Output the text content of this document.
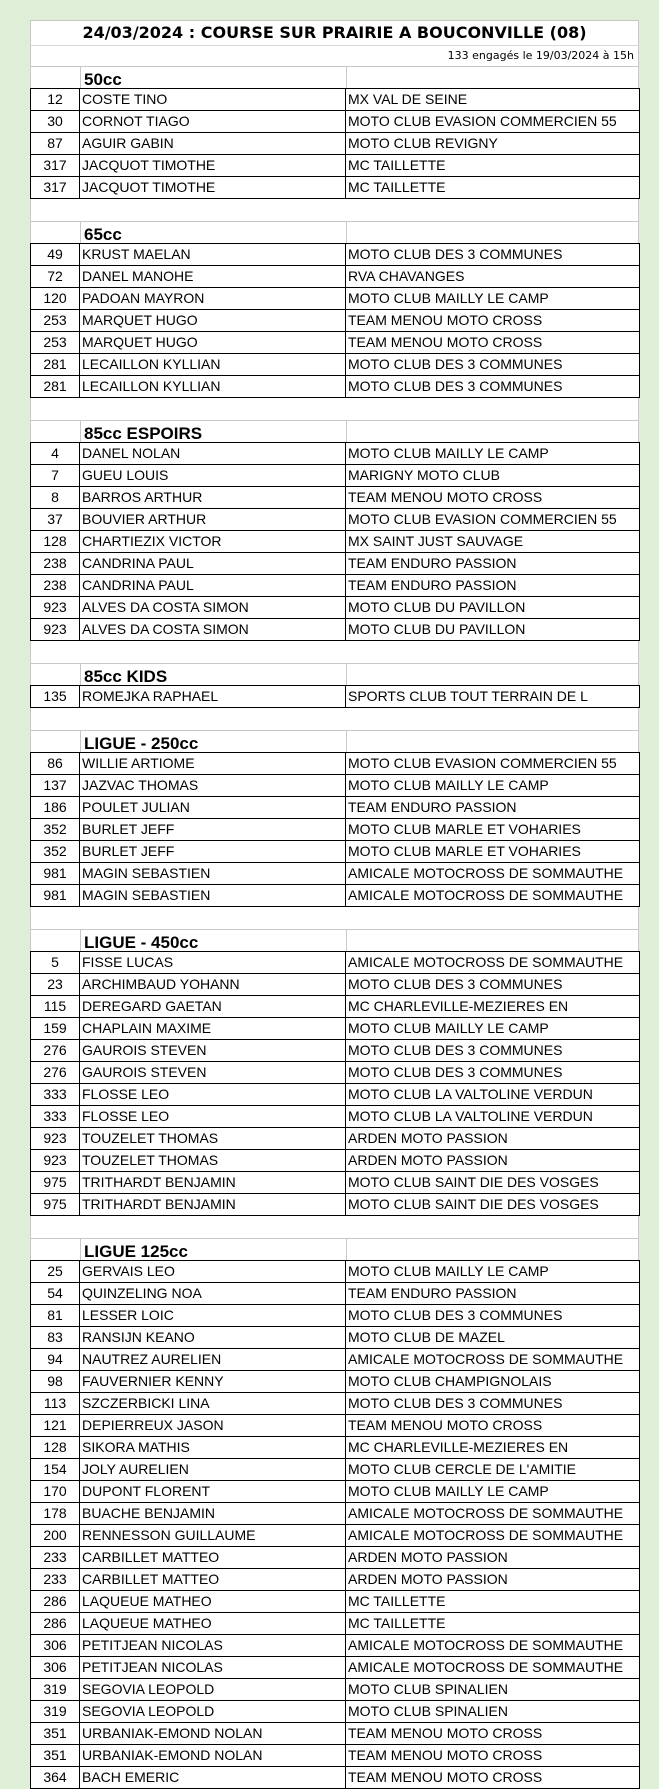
24/03/2024 : COURSE SUR PRAIRIE A BOUCONVILLE (08)
133 engagés le 19/03/2024 à 15h
50cc
12	COSTE TINO	MX VAL DE SEINE
30	CORNOT TIAGO	MOTO CLUB EVASION COMMERCIEN 55
87	AGUIR GABIN	MOTO CLUB REVIGNY
317	JACQUOT TIMOTHE	MC TAILLETTE
317	JACQUOT TIMOTHE	MC TAILLETTE
65cc
49	KRUST MAELAN	MOTO CLUB DES 3 COMMUNES
72	DANEL MANOHE	RVA CHAVANGES
120	PADOAN MAYRON	MOTO CLUB MAILLY LE CAMP
253	MARQUET HUGO	TEAM MENOU MOTO CROSS
253	MARQUET HUGO	TEAM MENOU MOTO CROSS
281	LECAILLON KYLLIAN	MOTO CLUB DES 3 COMMUNES
281	LECAILLON KYLLIAN	MOTO CLUB DES 3 COMMUNES
85cc ESPOIRS
4	DANEL NOLAN	MOTO CLUB MAILLY LE CAMP
7	GUEU LOUIS	MARIGNY MOTO CLUB
8	BARROS ARTHUR	TEAM MENOU MOTO CROSS
37	BOUVIER ARTHUR	MOTO CLUB EVASION COMMERCIEN 55
128	CHARTIEZIX VICTOR	MX SAINT JUST SAUVAGE
238	CANDRINA PAUL	TEAM ENDURO PASSION
238	CANDRINA PAUL	TEAM ENDURO PASSION
923	ALVES DA COSTA SIMON	MOTO CLUB DU PAVILLON
923	ALVES DA COSTA SIMON	MOTO CLUB DU PAVILLON
85cc KIDS
135	ROMEJKA RAPHAEL	SPORTS CLUB TOUT TERRAIN DE L
LIGUE - 250cc
86	WILLIE ARTIOME	MOTO CLUB EVASION COMMERCIEN 55
137	JAZVAC THOMAS	MOTO CLUB MAILLY LE CAMP
186	POULET JULIAN	TEAM ENDURO PASSION
352	BURLET JEFF	MOTO CLUB MARLE ET VOHARIES
352	BURLET JEFF	MOTO CLUB MARLE ET VOHARIES
981	MAGIN SEBASTIEN	AMICALE MOTOCROSS DE SOMMAUTHE
981	MAGIN SEBASTIEN	AMICALE MOTOCROSS DE SOMMAUTHE
LIGUE - 450cc
5	FISSE LUCAS	AMICALE MOTOCROSS DE SOMMAUTHE
23	ARCHIMBAUD YOHANN	MOTO CLUB DES 3 COMMUNES
115	DEREGARD GAETAN	MC CHARLEVILLE-MEZIERES EN
159	CHAPLAIN MAXIME	MOTO CLUB MAILLY LE CAMP
276	GAUROIS STEVEN	MOTO CLUB DES 3 COMMUNES
276	GAUROIS STEVEN	MOTO CLUB DES 3 COMMUNES
333	FLOSSE LEO	MOTO CLUB LA VALTOLINE VERDUN
333	FLOSSE LEO	MOTO CLUB LA VALTOLINE VERDUN
923	TOUZELET THOMAS	ARDEN MOTO PASSION
923	TOUZELET THOMAS	ARDEN MOTO PASSION
975	TRITHARDT BENJAMIN	MOTO CLUB SAINT DIE DES VOSGES
975	TRITHARDT BENJAMIN	MOTO CLUB SAINT DIE DES VOSGES
LIGUE 125cc
25	GERVAIS LEO	MOTO CLUB MAILLY LE CAMP
54	QUINZELING NOA	TEAM ENDURO PASSION
81	LESSER LOIC	MOTO CLUB DES 3 COMMUNES
83	RANSIJN KEANO	MOTO CLUB DE MAZEL
94	NAUTREZ AURELIEN	AMICALE MOTOCROSS DE SOMMAUTHE
98	FAUVERNIER KENNY	MOTO CLUB CHAMPIGNOLAIS
113	SZCZERBICKI LINA	MOTO CLUB DES 3 COMMUNES
121	DEPIERREUX JASON	TEAM MENOU MOTO CROSS
128	SIKORA MATHIS	MC CHARLEVILLE-MEZIERES EN
154	JOLY AURELIEN	MOTO CLUB CERCLE DE L'AMITIE
170	DUPONT FLORENT	MOTO CLUB MAILLY LE CAMP
178	BUACHE BENJAMIN	AMICALE MOTOCROSS DE SOMMAUTHE
200	RENNESSON GUILLAUME	AMICALE MOTOCROSS DE SOMMAUTHE
233	CARBILLET MATTEO	ARDEN MOTO PASSION
233	CARBILLET MATTEO	ARDEN MOTO PASSION
286	LAQUEUE MATHEO	MC TAILLETTE
286	LAQUEUE MATHEO	MC TAILLETTE
306	PETITJEAN NICOLAS	AMICALE MOTOCROSS DE SOMMAUTHE
306	PETITJEAN NICOLAS	AMICALE MOTOCROSS DE SOMMAUTHE
319	SEGOVIA LEOPOLD	MOTO CLUB SPINALIEN
319	SEGOVIA LEOPOLD	MOTO CLUB SPINALIEN
351	URBANIAK-EMOND NOLAN	TEAM MENOU MOTO CROSS
351	URBANIAK-EMOND NOLAN	TEAM MENOU MOTO CROSS
364	BACH EMERIC	TEAM MENOU MOTO CROSS
